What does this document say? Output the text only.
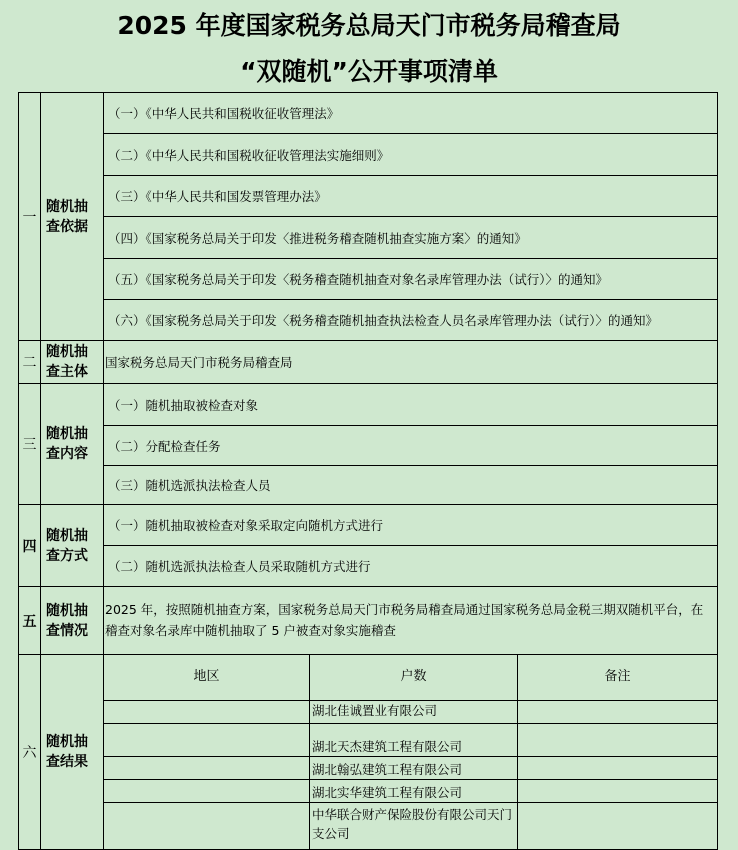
2025 年度国家税务总局天门市税务局稽查局
“双随机”公开事项清单
一
随机抽查依据
（一）《中华人民共和国税收征收管理法》
（二）《中华人民共和国税收征收管理法实施细则》
（三）《中华人民共和国发票管理办法》
（四）《国家税务总局关于印发〈推进税务稽查随机抽查实施方案〉的通知》
（五）《国家税务总局关于印发〈税务稽查随机抽查对象名录库管理办法（试行）〉的通知》
（六）《国家税务总局关于印发〈税务稽查随机抽查执法检查人员名录库管理办法（试行）〉的通知》
二
随机抽查主体
国家税务总局天门市税务局稽查局
三
随机抽查内容
（一）随机抽取被检查对象
（二）分配检查任务
（三）随机选派执法检查人员
四
随机抽查方式
（一）随机抽取被检查对象采取定向随机方式进行
（二）随机选派执法检查人员采取随机方式进行
五
随机抽查情况
2025 年，按照随机抽查方案，国家税务总局天门市税务局稽查局通过国家税务总局金税三期双随机平台，在稽查对象名录库中随机抽取了 5 户被查对象实施稽查
六
随机抽查结果
地区	户数	备注
湖北佳诚置业有限公司
湖北天杰建筑工程有限公司
湖北翰弘建筑工程有限公司
湖北实华建筑工程有限公司
中华联合财产保险股份有限公司天门支公司
